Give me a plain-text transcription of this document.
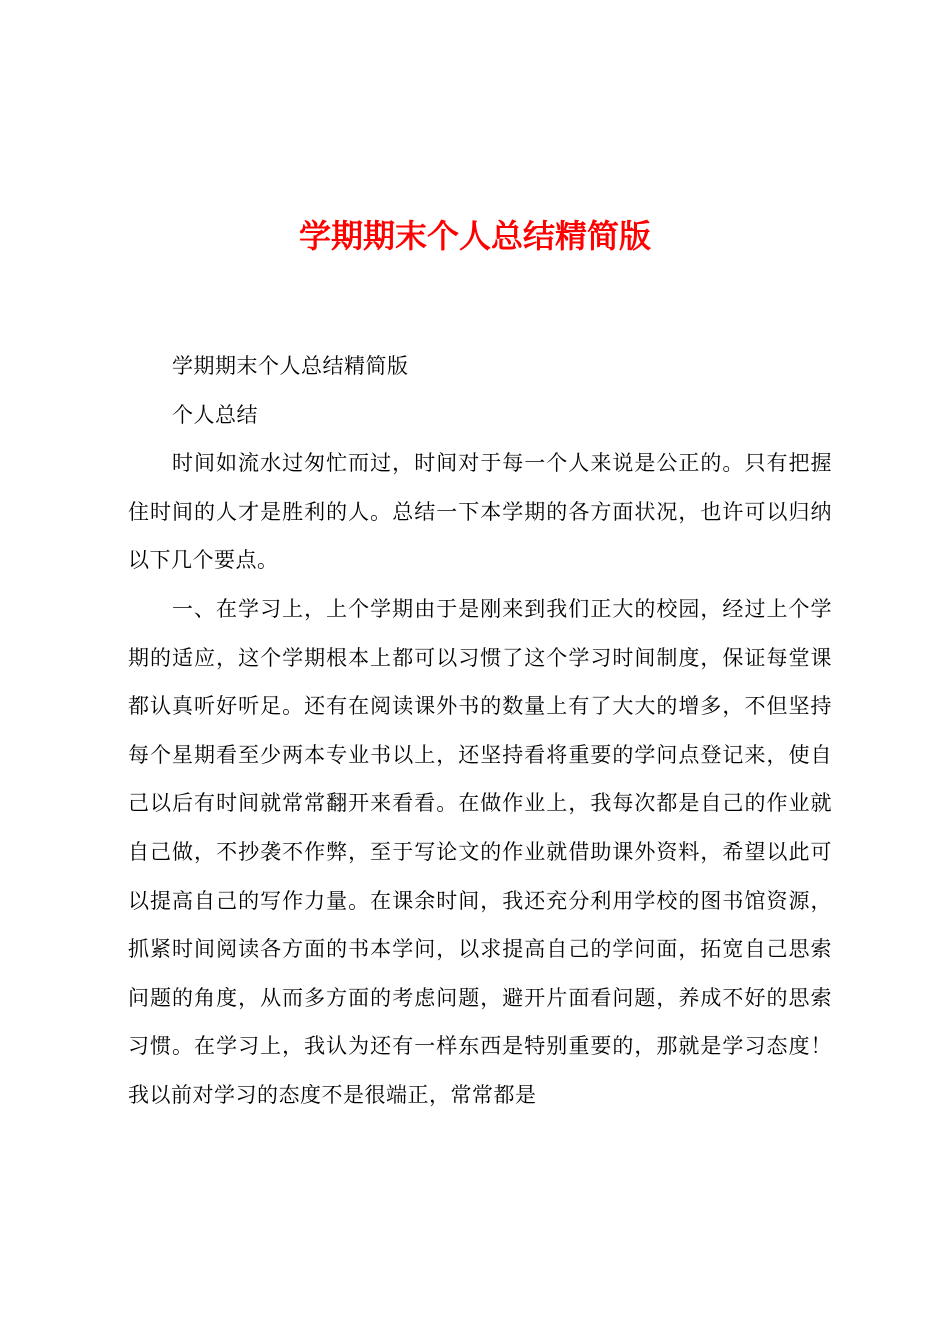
学期期末个人总结精简版

学期期末个人总结精简版

个人总结

时间如流水过匆忙而过，时间对于每一个人来说是公正的。只有把握住时间的人才是胜利的人。总结一下本学期的各方面状况，也许可以归纳以下几个要点。

一、在学习上，上个学期由于是刚来到我们正大的校园，经过上个学期的适应，这个学期根本上都可以习惯了这个学习时间制度，保证每堂课都认真听好听足。还有在阅读课外书的数量上有了大大的增多，不但坚持每个星期看至少两本专业书以上，还坚持看将重要的学问点登记来，使自己以后有时间就常常翻开来看看。在做作业上，我每次都是自己的作业就自己做，不抄袭不作弊，至于写论文的作业就借助课外资料，希望以此可以提高自己的写作力量。在课余时间，我还充分利用学校的图书馆资源，抓紧时间阅读各方面的书本学问，以求提高自己的学问面，拓宽自己思索问题的角度，从而多方面的考虑问题，避开片面看问题，养成不好的思索习惯。在学习上，我认为还有一样东西是特别重要的，那就是学习态度！我以前对学习的态度不是很端正，常常都是
